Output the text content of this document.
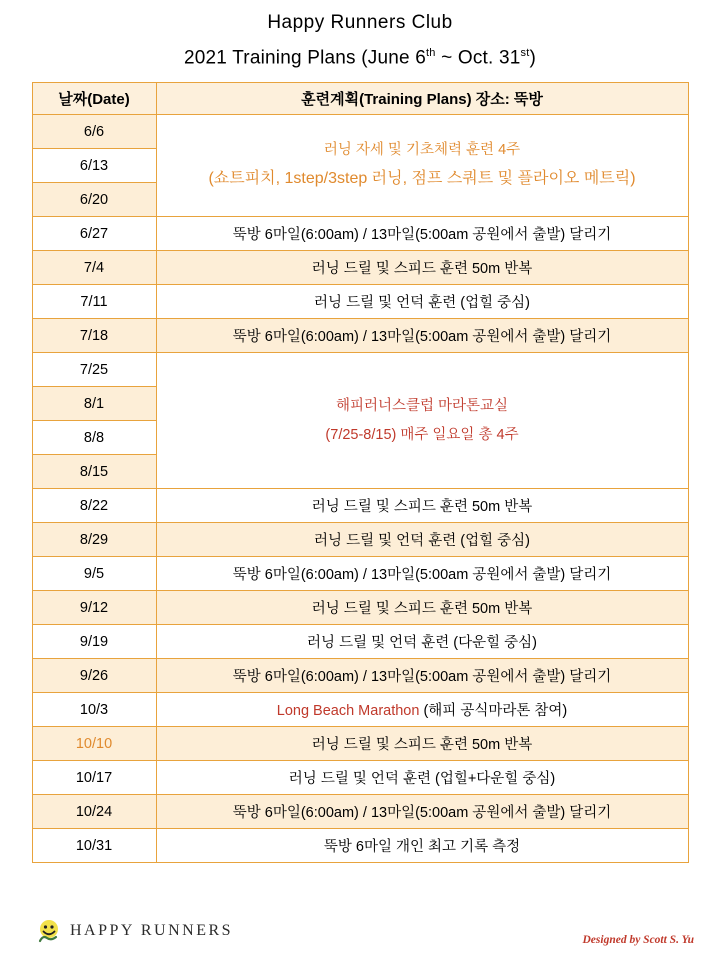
Happy Runners Club
2021 Training Plans (June 6th ~ Oct. 31st)
날짜(Date)	훈련계획(Training Plans) 장소: 뚝방
6/6	러닝 자세 및 기초체력 훈련 4주
(쇼트피치, 1step/3step 러닝, 점프 스쿼트 및 플라이오 메트릭)

6/13	
6/20	
6/27	뚝방 6마일(6:00am) / 13마일(5:00am 공원에서 출발) 달리기
7/4	러닝 드릴 및 스피드 훈련 50m 반복
7/11	러닝 드릴 및 언덕 훈련 (업힐 중심)
7/18	뚝방 6마일(6:00am) / 13마일(5:00am 공원에서 출발) 달리기
7/25	해피러너스클럽 마라톤교실
(7/25-8/15) 매주 일요일 총 4주

8/1	
8/8	
8/15	
8/22	러닝 드릴 및 스피드 훈련 50m 반복
8/29	러닝 드릴 및 언덕 훈련 (업힐 중심)
9/5	뚝방 6마일(6:00am) / 13마일(5:00am 공원에서 출발) 달리기
9/12	러닝 드릴 및 스피드 훈련 50m 반복
9/19	러닝 드릴 및 언덕 훈련 (다운힐 중심)
9/26	뚝방 6마일(6:00am) / 13마일(5:00am 공원에서 출발) 달리기
10/3	Long Beach Marathon (해피 공식마라톤 참여)
10/10	러닝 드릴 및 스피드 훈련 50m 반복
10/17	러닝 드릴 및 언덕 훈련 (업힐+다운힐 중심)
10/24	뚝방 6마일(6:00am) / 13마일(5:00am 공원에서 출발) 달리기
10/31	뚝방 6마일 개인 최고 기록 측정
HAPPY RUNNERS
Designed by Scott S. Yu
